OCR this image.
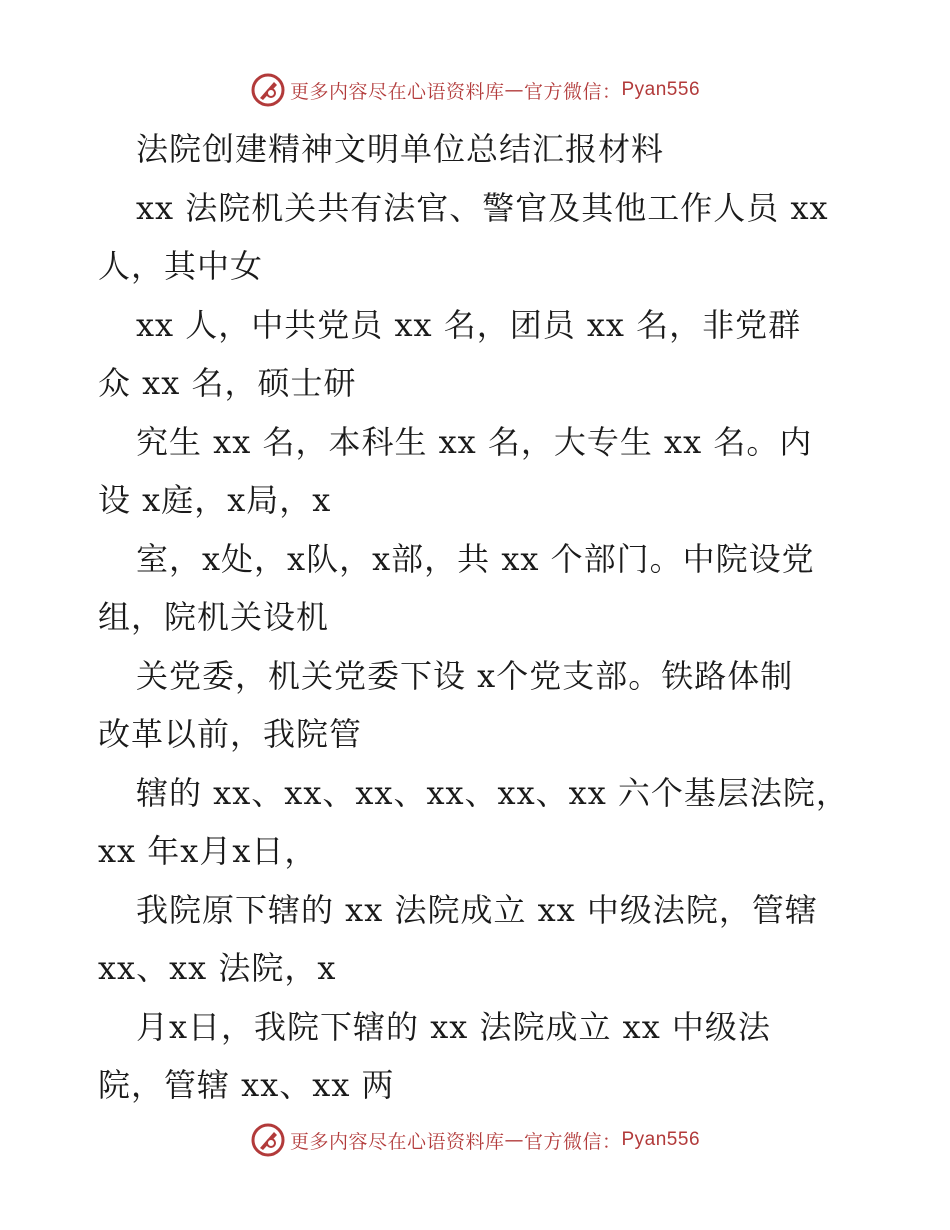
更多内容尽在心语资料库 — 官方微信： Pyan556
法院创建精神文明单位总结汇报材料
xx 法院机关共有法官、警官及其他工作人员 xx
人，其中女
xx 人，中共党员 xx 名，团员 xx 名，非党群
众 xx 名，硕士研
究生 xx 名，本科生 xx 名，大专生 xx 名。内
设 x庭，x局，x
室，x处，x队，x部，共 xx 个部门。中院设党
组，院机关设机
关党委，机关党委下设 x个党支部。铁路体制
改革以前，我院管
辖的 xx、xx、xx、xx、xx、xx 六个基层法院，
xx 年x月x日，
我院原下辖的 xx 法院成立 xx 中级法院，管辖
xx、xx 法院，x
月x日，我院下辖的 xx 法院成立 xx 中级法
院，管辖 xx、xx 两
更多内容尽在心语资料库 — 官方微信： Pyan556
